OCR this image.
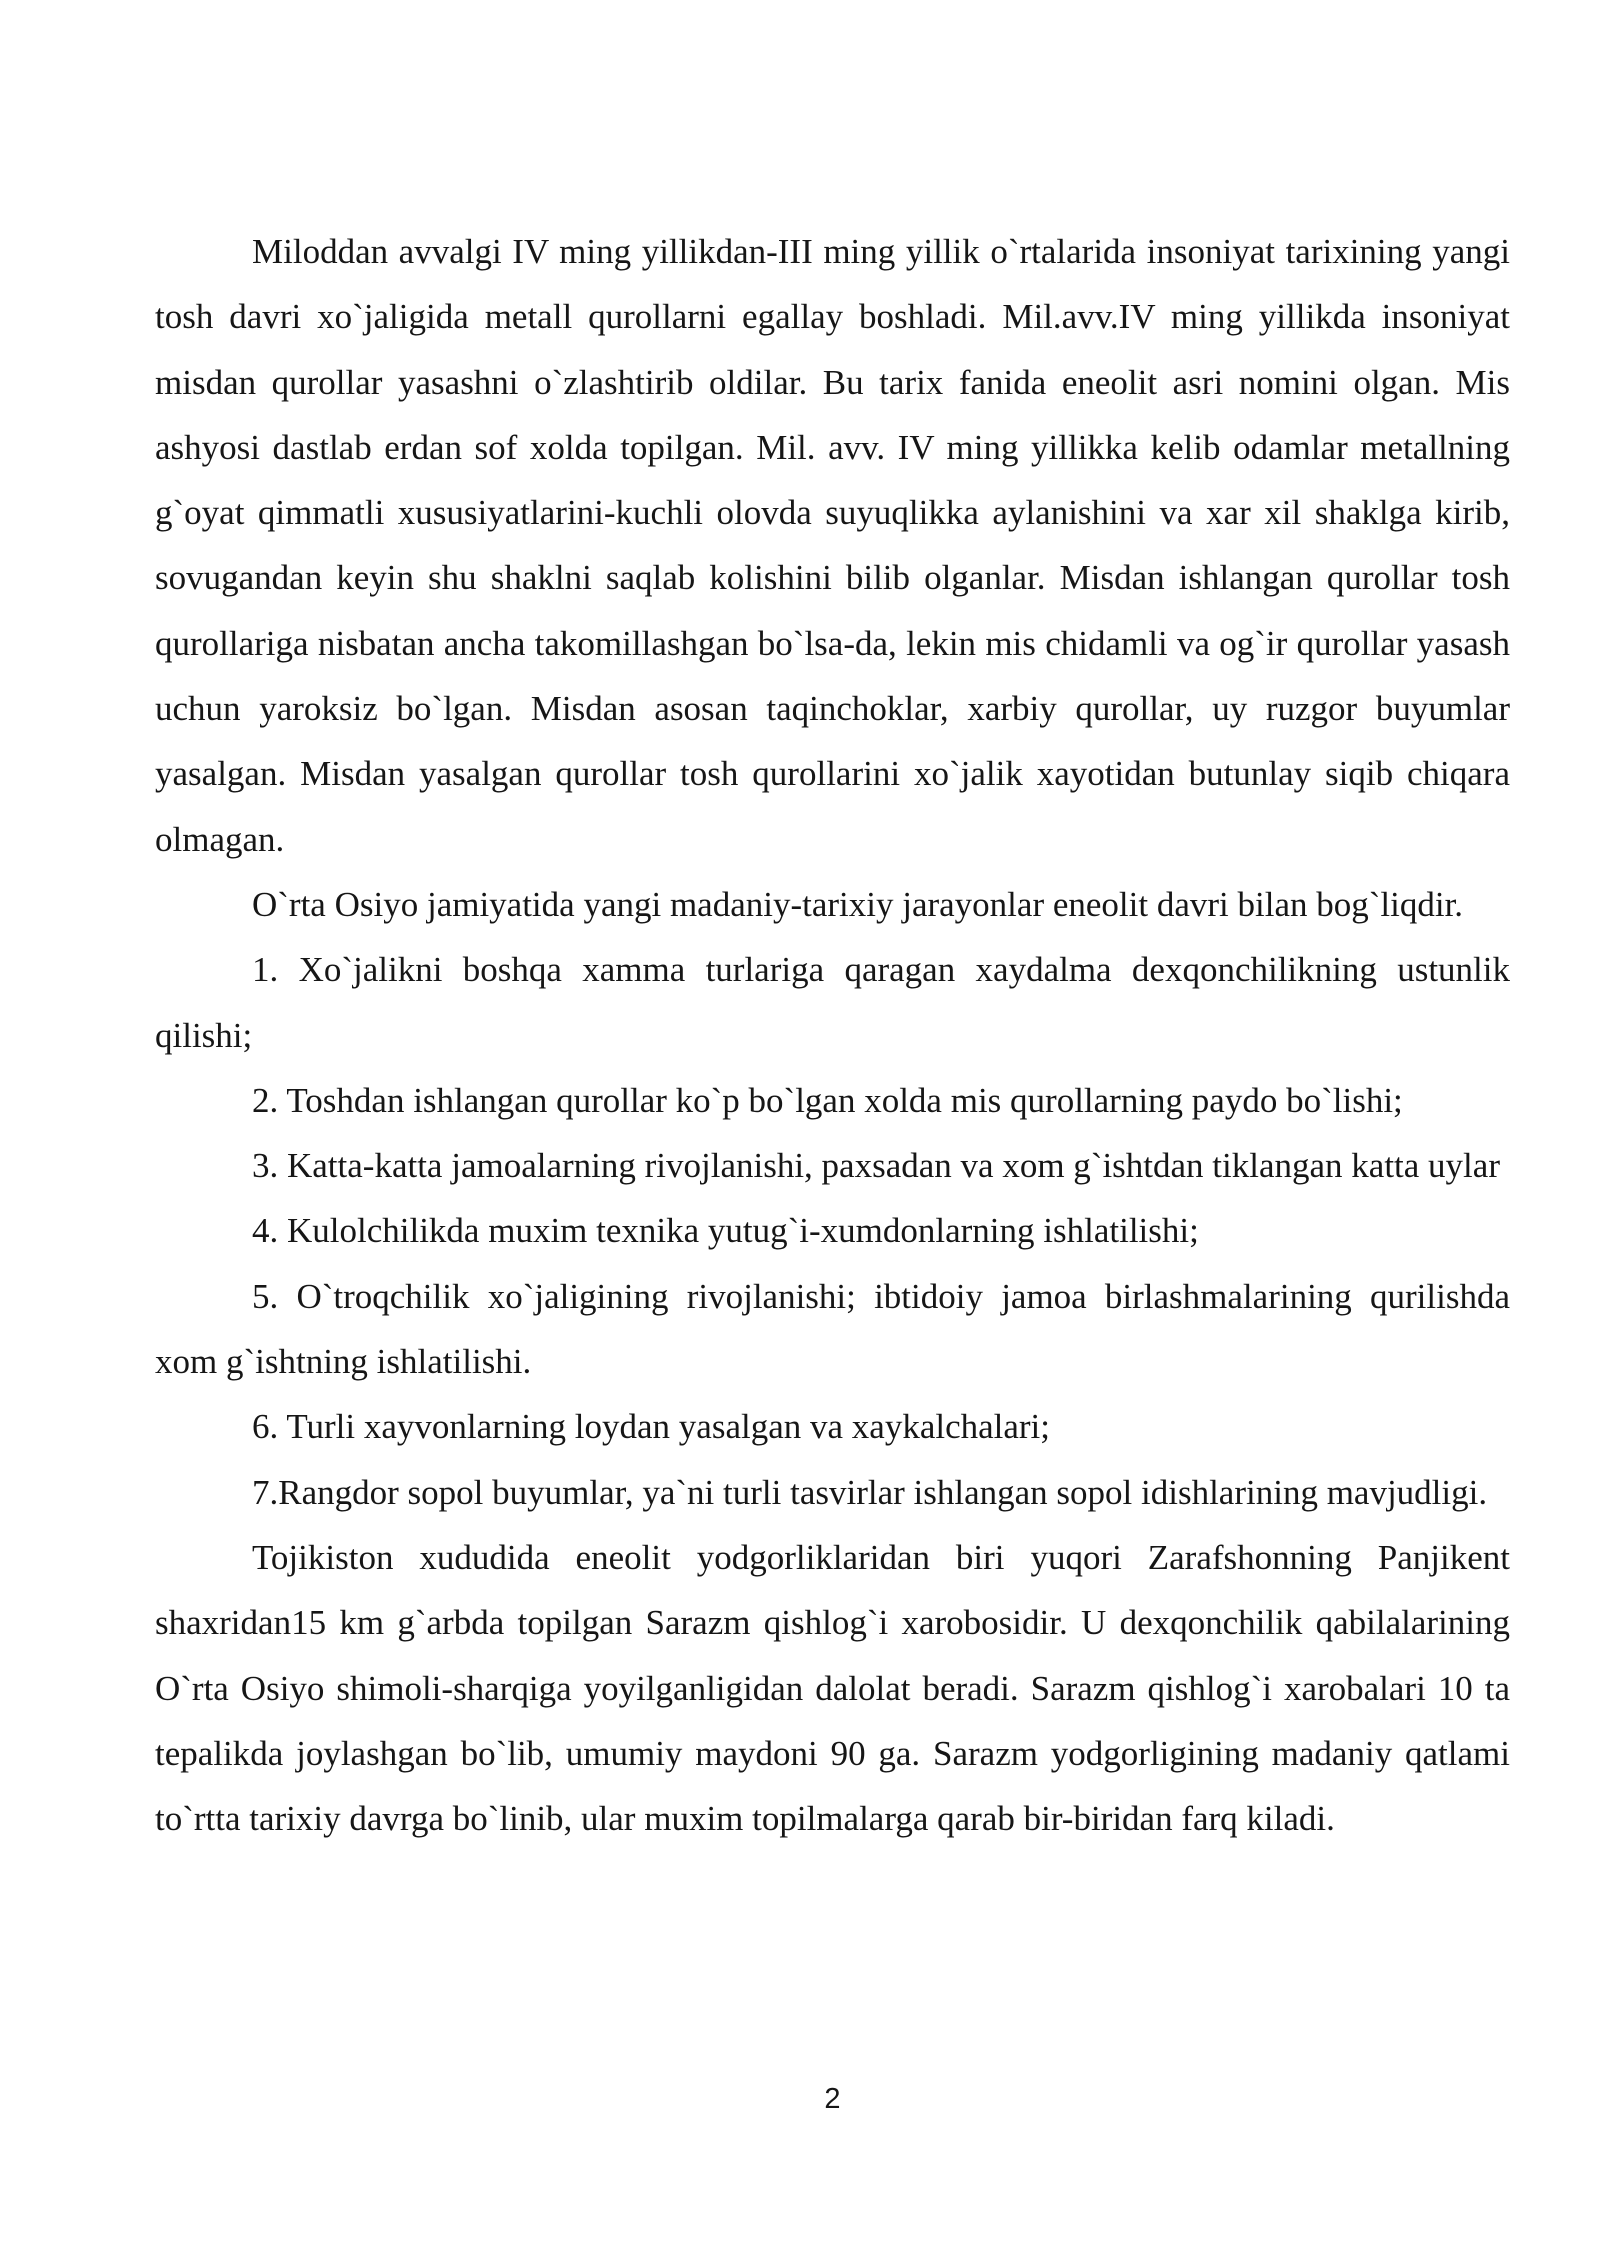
Miloddan avvalgi IV ming yillikdan-III ming yillik o`rtalarida insoniyat tarixining yangi tosh davri xo`jaligida metall qurollarni egallay boshladi. Mil.avv.IV ming yillikda insoniyat misdan qurollar yasashni o`zlashtirib oldilar. Bu tarix fanida eneolit asri nomini olgan. Mis ashyosi dastlab erdan sof xolda topilgan. Mil. avv. IV ming yillikka kelib odamlar metallning g`oyat qimmatli xususiyatlarini-kuchli olovda suyuqlikka aylanishini va xar xil shaklga kirib, sovugandan keyin shu shaklni saqlab kolishini bilib olganlar. Misdan ishlangan qurollar tosh qurollariga nisbatan ancha takomillashgan bo`lsa-da, lekin mis chidamli va og`ir qurollar yasash uchun yaroksiz bo`lgan. Misdan asosan taqinchoklar, xarbiy qurollar, uy ruzgor buyumlar yasalgan. Misdan yasalgan qurollar tosh qurollarini xo`jalik xayotidan butunlay siqib chiqara olmagan.

O`rta Osiyo jamiyatida yangi madaniy-tarixiy jarayonlar eneolit davri bilan bog`liqdir.

1. Xo`jalikni boshqa xamma turlariga qaragan xaydalma dexqonchilikning ustunlik qilishi;

2. Toshdan ishlangan qurollar ko`p bo`lgan xolda mis qurollarning paydo bo`lishi;

3. Katta-katta jamoalarning rivojlanishi, paxsadan va xom g`ishtdan tiklangan katta uylar

4. Kulolchilikda muxim texnika yutug`i-xumdonlarning ishlatilishi;

5. O`troqchilik xo`jaligining rivojlanishi; ibtidoiy jamoa birlashmalarining qurilishda xom g`ishtning ishlatilishi.

6. Turli xayvonlarning loydan yasalgan va xaykalchalari;

7.Rangdor sopol buyumlar, ya`ni turli tasvirlar ishlangan sopol idishlarining mavjudligi.

Tojikiston xududida eneolit yodgorliklaridan biri yuqori Zarafshonning Panjikent shaxridan15 km g`arbda topilgan Sarazm qishlog`i xarobosidir. U dexqonchilik qabilalarining O`rta Osiyo shimoli-sharqiga yoyilganligidan dalolat beradi. Sarazm qishlog`i xarobalari 10 ta tepalikda joylashgan bo`lib, umumiy maydoni 90 ga. Sarazm yodgorligining madaniy qatlami to`rtta tarixiy davrga bo`linib, ular muxim topilmalarga qarab bir-biridan farq kiladi.

2
